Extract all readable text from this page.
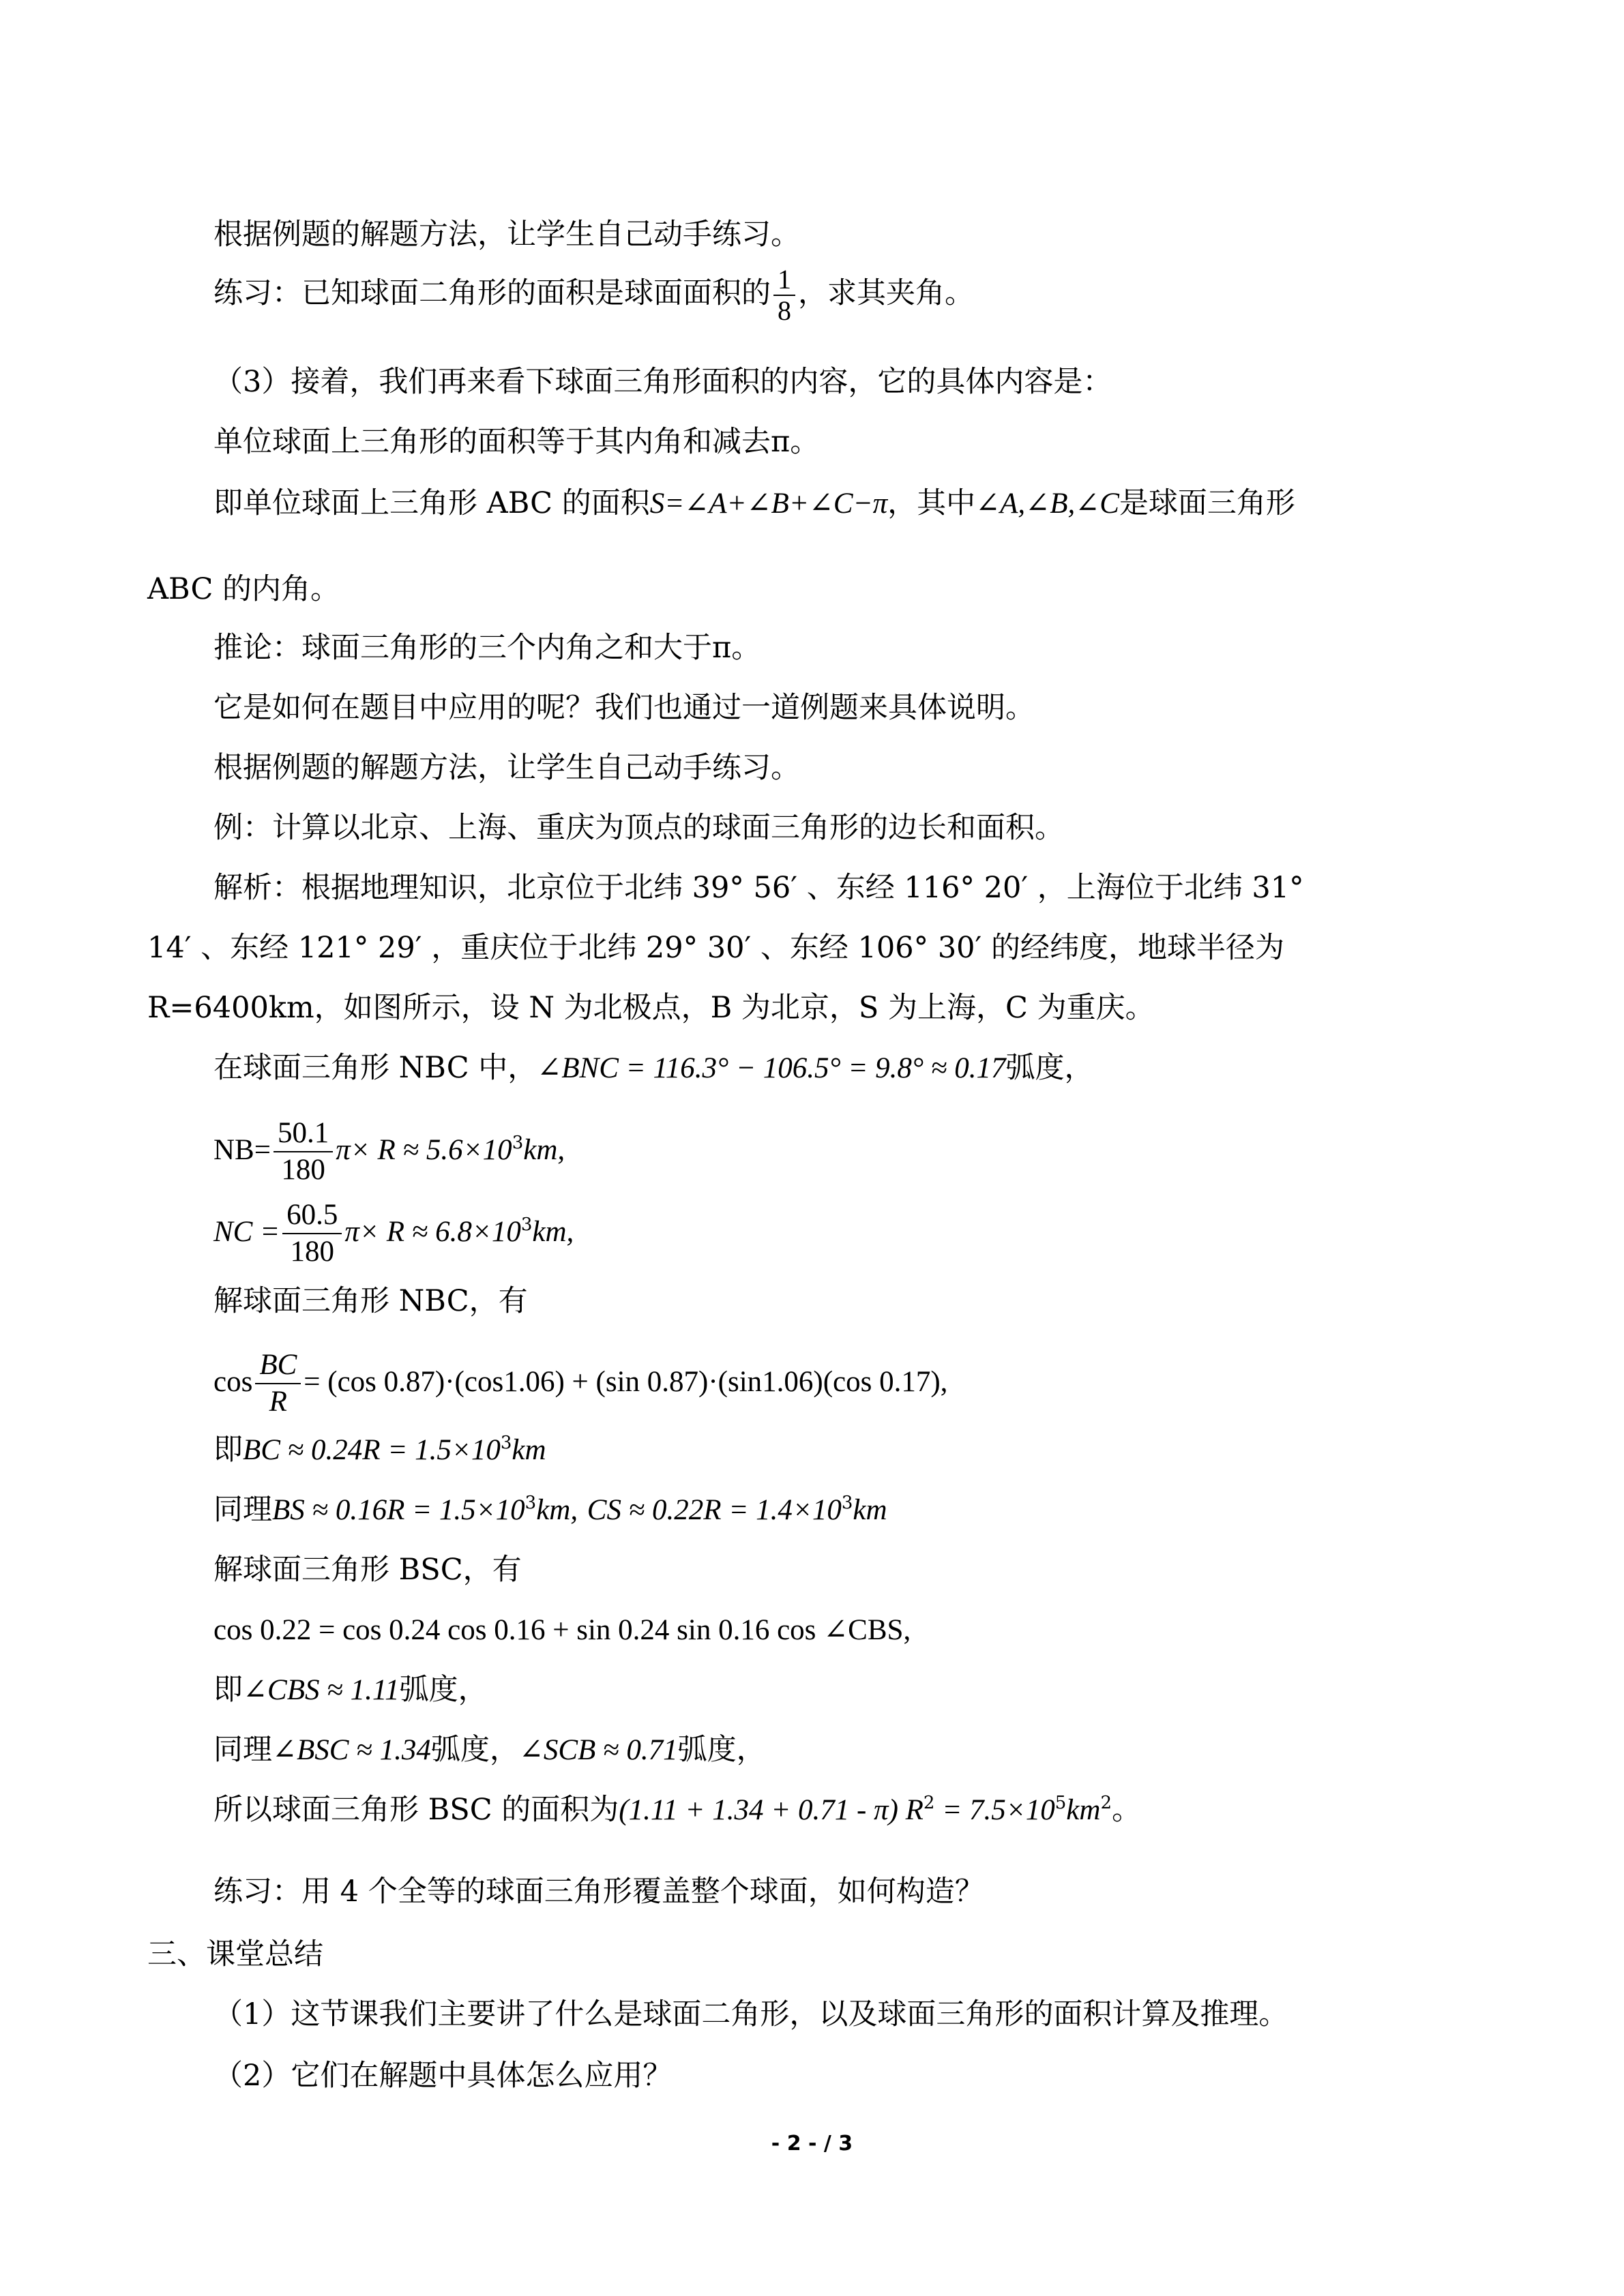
根据例题的解题方法，让学生自己动手练习。
练习：已知球面二角形的面积是球面面积的 $\frac{1}{8}$ ，求其夹角。
（3）接着，我们再来看下球面三角形面积的内容，它的具体内容是：
单位球面上三角形的面积等于其内角和减去π。
即单位球面上三角形 ABC 的面积S=∠A+∠B+∠C−π，其中∠A,∠B,∠C是球面三角形
ABC 的内角。
推论：球面三角形的三个内角之和大于π。
它是如何在题目中应用的呢？我们也通过一道例题来具体说明。
根据例题的解题方法，让学生自己动手练习。
例：计算以北京、上海、重庆为顶点的球面三角形的边长和面积。
解析：根据地理知识，北京位于北纬 39° 56′ 、东经 116° 20′ ，上海位于北纬 31°
14′ 、东经 121° 29′ ，重庆位于北纬 29° 30′ 、东经 106° 30′ 的经纬度，地球半径为
R=6400km，如图所示，设 N 为北极点，B 为北京，S 为上海，C 为重庆。
在球面三角形 NBC 中，∠BNC = 116.3° − 106.5° = 9.8° ≈ 0.17弧度，
$NB= \frac{50.1}{180} \pi\times R \approx 5.6\times 10^3km$,
NC = $\frac{60.5}{180} \pi\times R \approx 6.8\times 10^3km$,
解球面三角形 NBC，有
$\cos \frac{BC}{R} = (\cos$ 0.87)·(cos1.06) + (sin 0.87)·(sin1.06)(cos 0.17),
即BC ≈ $0.24R = 1.5\times 10^3km$
同理BS ≈ $0.16R = 1.5\times 10^3km$, CS ≈ $0.22R = 1.4\times 10^3km$
解球面三角形 BSC，有
cos 0.22 = cos 0.24 cos 0.16 + sin 0.24 sin 0.16 cos ∠CBS,
即∠CBS ≈ 1.11弧度，
同理∠BSC ≈ 1.34弧度，∠SCB ≈ 0.71弧度，
所以球面三角形 BSC 的面积为(1.11 + 1.34 + 0.71 - π) $R^2 = 7.5\times 10^5km^2$。
练习：用 4 个全等的球面三角形覆盖整个球面，如何构造？
三、课堂总结
（1）这节课我们主要讲了什么是球面二角形，以及球面三角形的面积计算及推理。
（2）它们在解题中具体怎么应用？
- 2 - / 3
